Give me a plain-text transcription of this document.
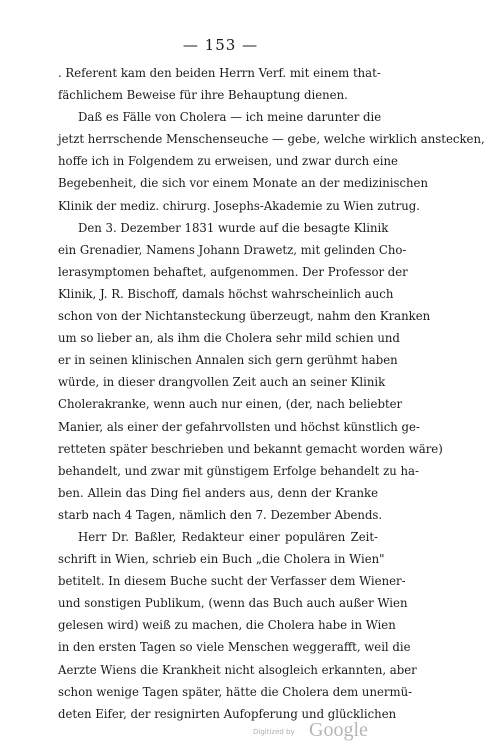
— 153 —
. Referent kam den beiden Herrn Verf. mit einem that-
fächlichem Beweise für ihre Behauptung dienen.
Daß es Fälle von Cholera — ich meine darunter die
jetzt herrschende Menschenseuche — gebe, welche wirklich anstecken,
hoffe ich in Folgendem zu erweisen, und zwar durch eine
Begebenheit, die sich vor einem Monate an der medizinischen
Klinik der mediz. chirurg. Josephs-Akademie zu Wien zutrug.
Den 3. Dezember 1831 wurde auf die besagte Klinik
ein Grenadier, Namens Johann Drawetz, mit gelinden Cho-
lerasymptomen behaftet, aufgenommen. Der Professor der
Klinik, J. R. Bischoff, damals höchst wahrscheinlich auch
schon von der Nichtansteckung überzeugt, nahm den Kranken
um so lieber an, als ihm die Cholera sehr mild schien und
er in seinen klinischen Annalen sich gern gerühmt haben
würde, in dieser drangvollen Zeit auch an seiner Klinik
Cholerakranke, wenn auch nur einen, (der, nach beliebter
Manier, als einer der gefahrvollsten und höchst künstlich ge-
retteten später beschrieben und bekannt gemacht worden wäre)
behandelt, und zwar mit günstigem Erfolge behandelt zu ha-
ben. Allein das Ding fiel anders aus, denn der Kranke
starb nach 4 Tagen, nämlich den 7. Dezember Abends.
Herr Dr. Baßler, Redakteur einer populären Zeit-
schrift in Wien, schrieb ein Buch „die Cholera in Wien"
betitelt. In diesem Buche sucht der Verfasser dem Wiener-
und sonstigen Publikum, (wenn das Buch auch außer Wien
gelesen wird) weiß zu machen, die Cholera habe in Wien
in den ersten Tagen so viele Menschen weggerafft, weil die
Aerzte Wiens die Krankheit nicht alsogleich erkannten, aber
schon wenige Tagen später, hätte die Cholera dem unermü-
deten Eifer, der resignirten Aufopferung und glücklichen
Digitized by Google
